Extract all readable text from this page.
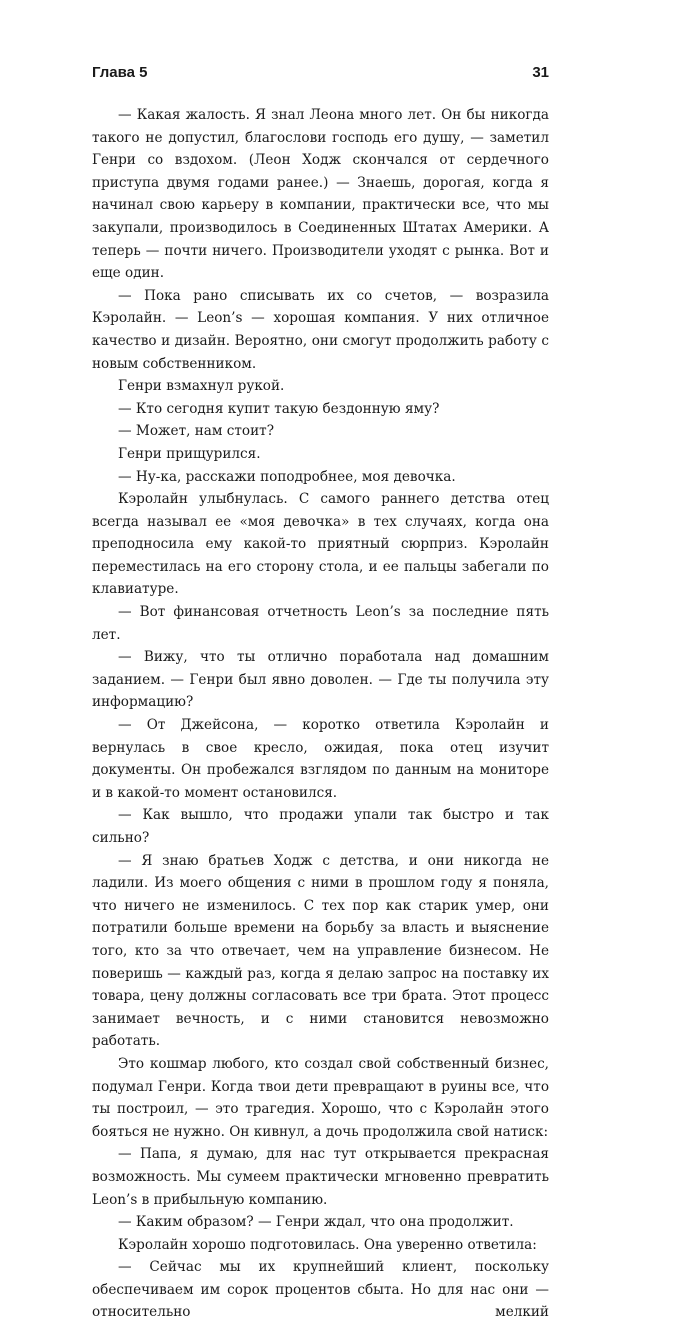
Глава 5	31

— Какая жалость. Я знал Леона много лет. Он бы никогда такого не допустил, благослови господь его душу, — заметил Генри со вздохом. (Леон Ходж скончался от сердечного приступа двумя годами ранее.) — Знаешь, дорогая, когда я начинал свою карьеру в компании, практически все, что мы закупали, производилось в Соединенных Штатах Америки. А теперь — почти ничего. Производители уходят с рынка. Вот и еще один.

— Пока рано списывать их со счетов, — возразила Кэролайн. — Leon’s — хорошая компания. У них отличное качество и дизайн. Вероятно, они смогут продолжить работу с новым собственником.

Генри взмахнул рукой.

— Кто сегодня купит такую бездонную яму?

— Может, нам стоит?

Генри прищурился.

— Ну-ка, расскажи поподробнее, моя девочка.

Кэролайн улыбнулась. С самого раннего детства отец всегда называл ее «моя девочка» в тех случаях, когда она преподносила ему какой-то приятный сюрприз. Кэролайн переместилась на его сторону стола, и ее пальцы забегали по клавиатуре.

— Вот финансовая отчетность Leon’s за последние пять лет.

— Вижу, что ты отлично поработала над домашним заданием. — Генри был явно доволен. — Где ты получила эту информацию?

— От Джейсона, — коротко ответила Кэролайн и вернулась в свое кресло, ожидая, пока отец изучит документы. Он пробежался взглядом по данным на мониторе и в какой-то момент остановился.

— Как вышло, что продажи упали так быстро и так сильно?

— Я знаю братьев Ходж с детства, и они никогда не ладили. Из моего общения с ними в прошлом году я поняла, что ничего не изменилось. С тех пор как старик умер, они потратили больше времени на борьбу за власть и выяснение того, кто за что отвечает, чем на управление бизнесом. Не поверишь — каждый раз, когда я делаю запрос на поставку их товара, цену должны согласовать все три брата. Этот процесс занимает вечность, и с ними становится невозможно работать.

Это кошмар любого, кто создал свой собственный бизнес, подумал Генри. Когда твои дети превращают в руины все, что ты построил, — это трагедия. Хорошо, что с Кэролайн этого бояться не нужно. Он кивнул, а дочь продолжила свой натиск:

— Папа, я думаю, для нас тут открывается прекрасная возможность. Мы сумеем практически мгновенно превратить Leon’s в прибыльную компанию.

— Каким образом? — Генри ждал, что она продолжит.

Кэролайн хорошо подготовилась. Она уверенно ответила:

— Сейчас мы их крупнейший клиент, поскольку обеспечиваем им сорок процентов сбыта. Но для нас они — относительно мелкий
